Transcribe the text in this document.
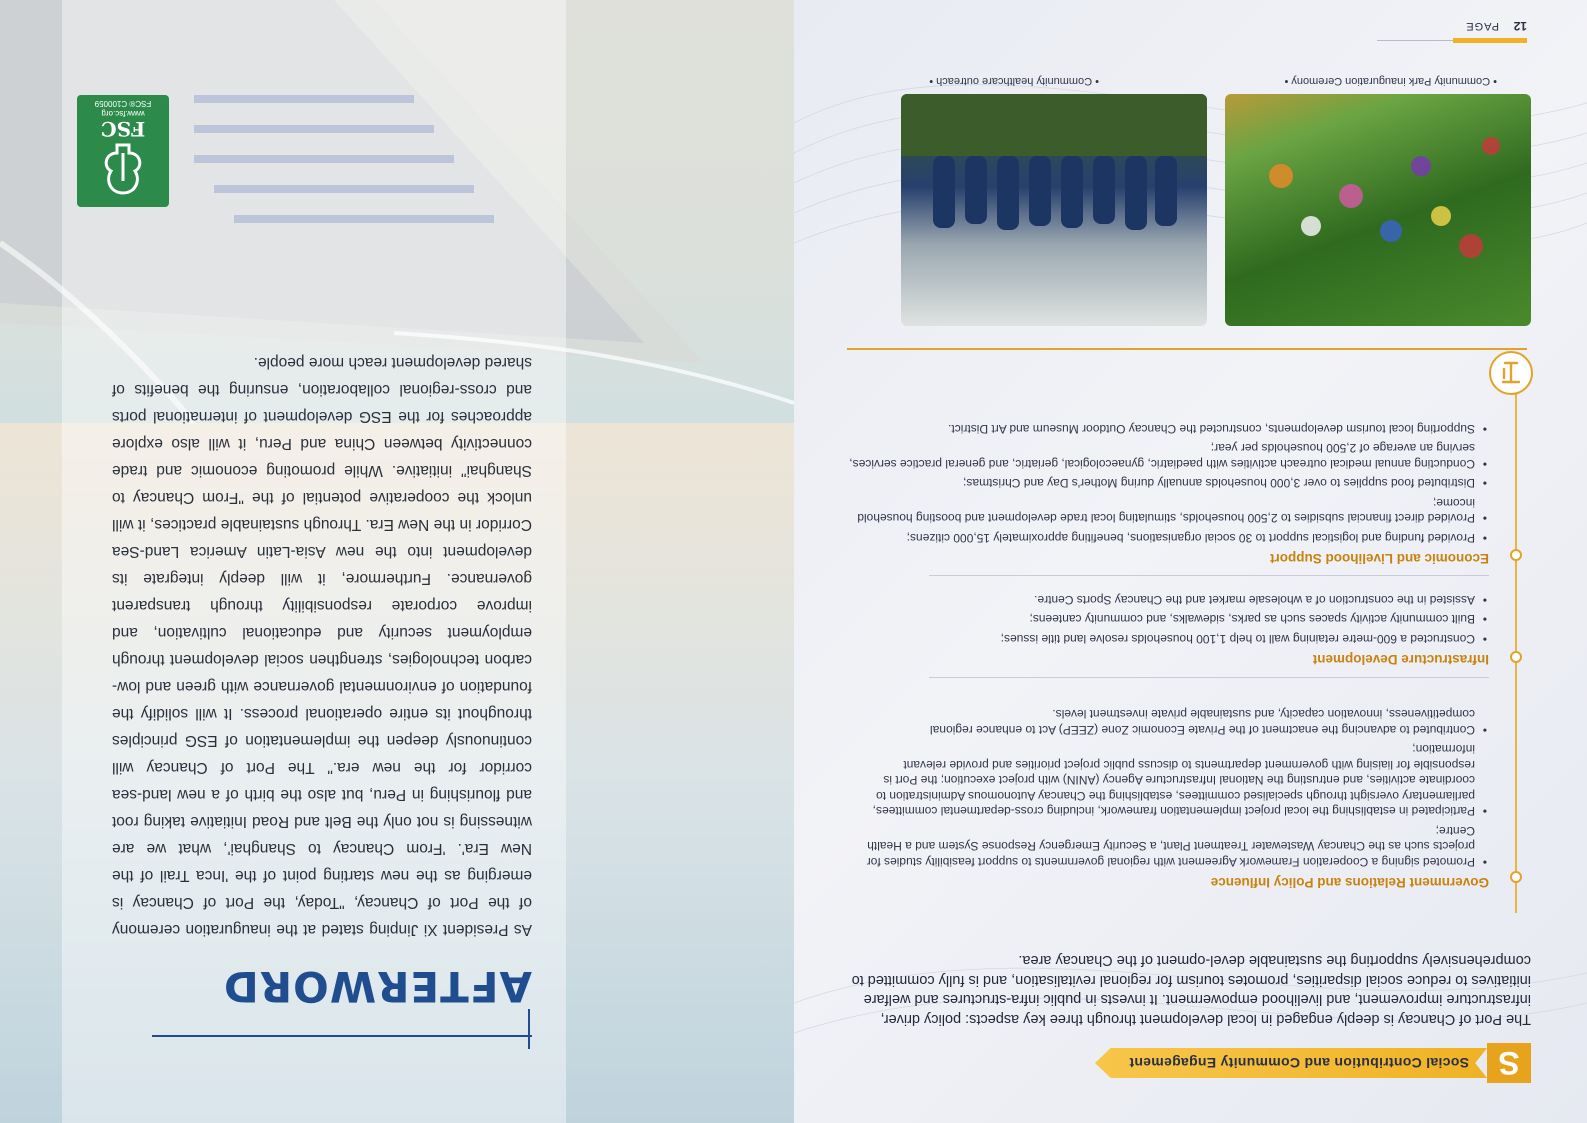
S
Social Contribution and Community Engagement

The Port of Chancay is deeply engaged in local development through three key aspects: policy driver, infrastructure improvement, and livelihood empowerment. It invests in public infra-structures and welfare initiatives to reduce social disparities, promotes tourism for regional revitalisation, and is fully committed to comprehensively supporting the sustainable devel-opment of the Chancay area.

Government Relations and Policy Influence
• Promoted signing a Cooperation Framework Agreement with regional governments to support feasibility studies for projects such as the Chancay Wastewater Treatment Plant, a Security Emergency Response System and a Health Centre;
• Participated in establishing the local project implementation framework, including cross-departmental committees, parliamentary oversight through specialised committees, establishing the Chancay Autonomous Administration to coordinate activities, and entrusting the National Infrastructure Agency (ANIN) with project execution; the Port is responsible for liaising with government departments to discuss public project priorities and provide relevant information;
• Contributed to advancing the enactment of the Private Economic Zone (ZEEP) Act to enhance regional competitiveness, innovation capacity, and sustainable private investment levels.
Infrastructure Development
• Constructed a 600-metre retaining wall to help 1,100 households resolve land title issues;
• Built community activity spaces such as parks, sidewalks, and community canteens;
• Assisted in the construction of a wholesale market and the Chancay Sports Centre.
Economic and Livelihood Support
• Provided funding and logistical support to 30 social organisations, benefiting approximately 15,000 citizens;
• Provided direct financial subsidies to 2,500 households, stimulating local trade development and boosting household income;
• Distributed food supplies to over 3,000 households annually during Mother's Day and Christmas;
• Conducting annual medical outreach activities with paediatric, gynaecological, geriatric, and general practice services, serving an average of 2,500 households per year;
• Supporting local tourism developments, constructed the Chancay Outdoor Museum and Art District.
• Community Park inauguration Ceremony •
• Community healthcare outreach •
12
PAGE
AFTERWORD

As President Xi Jinping stated at the inauguration ceremony of the Port of Chancay, "Today, the Port of Chancay is emerging as the new starting point of the 'Inca Trail of the New Era'. 'From Chancay to Shanghai', what we are witnessing is not only the Belt and Road Initiative taking root and flourishing in Peru, but also the birth of a new land-sea corridor for the new era." The Port of Chancay will continuously deepen the implementation of ESG principles throughout its entire operational process. It will solidify the foundation of environmental governance with green and low-carbon technologies, strengthen social development through employment security and educational cultivation, and improve corporate responsibility through transparent governance. Furthermore, it will deeply integrate its development into the new Asia-Latin America Land-Sea Corridor in the New Era. Through sustainable practices, it will unlock the cooperative potential of the "From Chancay to Shanghai" initiative. While promoting economic and trade connectivity between China and Peru, it will also explore approaches for the ESG development of international ports and cross-regional collaboration, ensuring the benefits of shared development reach more people.

FSC
www.fsc.org
FSC® C100059
